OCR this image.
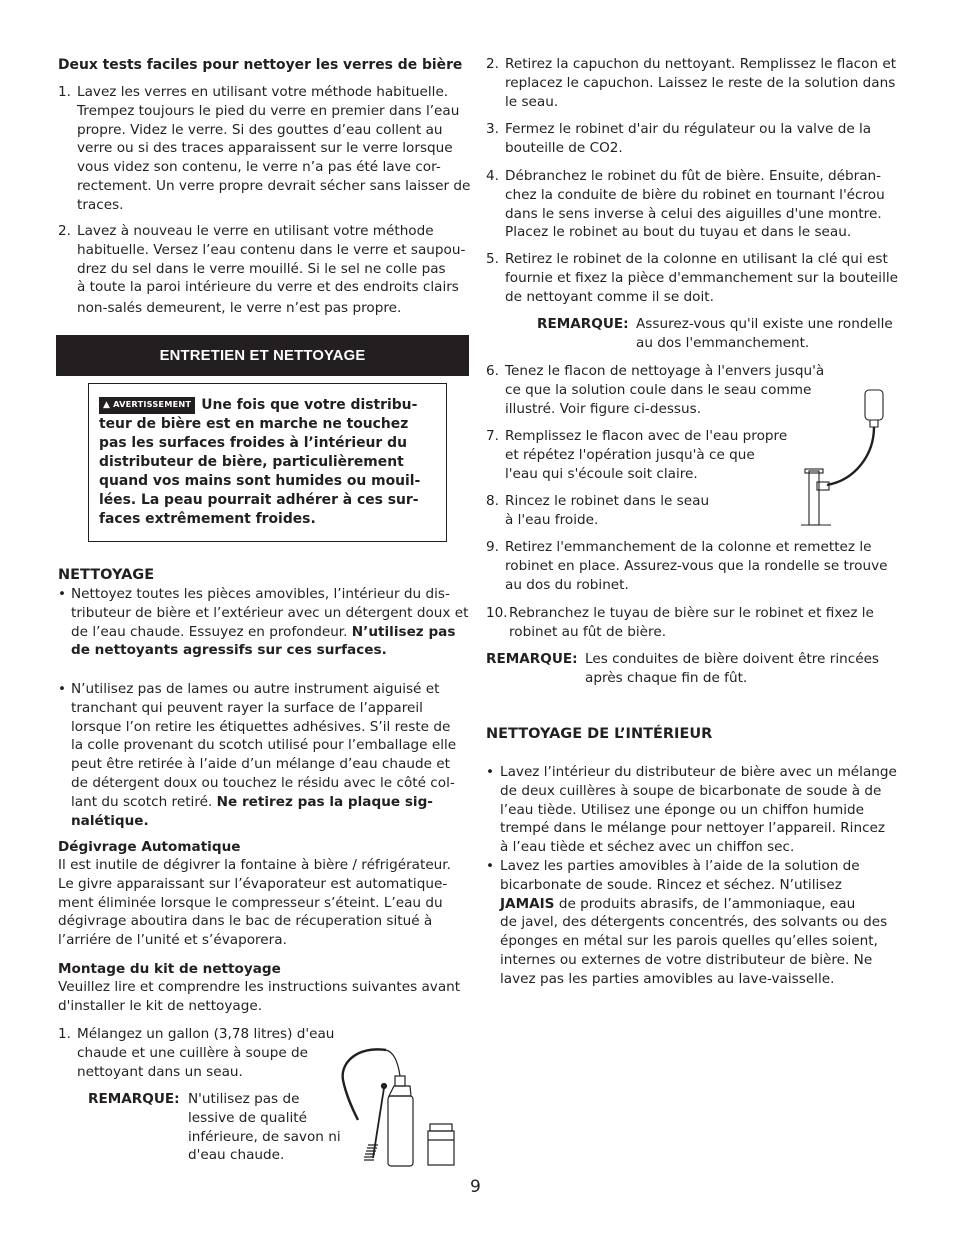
Deux tests faciles pour nettoyer les verres de bière
1. Lavez les verres en utilisant votre méthode habituelle.
Trempez toujours le pied du verre en premier dans l’eau
propre. Videz le verre. Si des gouttes d’eau collent au
verre ou si des traces apparaissent sur le verre lorsque
vous videz son contenu, le verre n’a pas été lave cor-
rectement. Un verre propre devrait sécher sans laisser de
traces.
2. Lavez à nouveau le verre en utilisant votre méthode
habituelle. Versez l’eau contenu dans le verre et saupou-
drez du sel dans le verre mouillé. Si le sel ne colle pas
à toute la paroi intérieure du verre et des endroits clairs
non-salés demeurent, le verre n’est pas propre.
ENTRETIEN ET NETTOYAGE
▲ AVERTISSEMENT Une fois que votre distribu-
teur de bière est en marche ne touchez
pas les surfaces froides à l’intérieur du
distributeur de bière, particulièrement
quand vos mains sont humides ou mouil-
lées. La peau pourrait adhérer à ces sur-
faces extrêmement froides.
NETTOYAGE
• Nettoyez toutes les pièces amovibles, l’intérieur du dis-
tributeur de bière et l’extérieur avec un détergent doux et
de l’eau chaude. Essuyez en profondeur. N’utilisez pas
de nettoyants agressifs sur ces surfaces.
• N’utilisez pas de lames ou autre instrument aiguisé et
tranchant qui peuvent rayer la surface de l’appareil
lorsque l’on retire les étiquettes adhésives. S’il reste de
la colle provenant du scotch utilisé pour l’emballage elle
peut être retirée à l’aide d’un mélange d’eau chaude et
de détergent doux ou touchez le résidu avec le côté col-
lant du scotch retiré. Ne retirez pas la plaque sig-
nalétique.
Dégivrage Automatique
Il est inutile de dégivrer la fontaine à bière / réfrigérateur.
Le givre apparaissant sur l’évaporateur est automatique-
ment éliminée lorsque le compresseur s’éteint. L’eau du
dégivrage aboutira dans le bac de récuperation situé à
l’arriére de l’unité et s’évaporera.
Montage du kit de nettoyage
Veuillez lire et comprendre les instructions suivantes avant
d'installer le kit de nettoyage.
1. Mélangez un gallon (3,78 litres) d'eau
chaude et une cuillère à soupe de
nettoyant dans un seau.
REMARQUE: N'utilisez pas de
lessive de qualité
inférieure, de savon ni
d'eau chaude.
2. Retirez la capuchon du nettoyant. Remplissez le flacon et
replacez le capuchon. Laissez le reste de la solution dans
le seau.
3. Fermez le robinet d'air du régulateur ou la valve de la
bouteille de CO2.
4. Débranchez le robinet du fût de bière. Ensuite, débran-
chez la conduite de bière du robinet en tournant l'écrou
dans le sens inverse à celui des aiguilles d'une montre.
Placez le robinet au bout du tuyau et dans le seau.
5. Retirez le robinet de la colonne en utilisant la clé qui est
fournie et fixez la pièce d'emmanchement sur la bouteille
de nettoyant comme il se doit.
REMARQUE: Assurez-vous qu'il existe une rondelle
au dos l'emmanchement.
6. Tenez le flacon de nettoyage à l'envers jusqu'à
ce que la solution coule dans le seau comme
illustré. Voir figure ci-dessus.
7. Remplissez le flacon avec de l'eau propre
et répétez l'opération jusqu'à ce que
l'eau qui s'écoule soit claire.
8. Rincez le robinet dans le seau
à l'eau froide.
9. Retirez l'emmanchement de la colonne et remettez le
robinet en place. Assurez-vous que la rondelle se trouve
au dos du robinet.
10. Rebranchez le tuyau de bière sur le robinet et fixez le
robinet au fût de bière.
REMARQUE: Les conduites de bière doivent être rincées
après chaque fin de fût.
NETTOYAGE DE L’INTÉRIEUR
• Lavez l’intérieur du distributeur de bière avec un mélange
de deux cuillères à soupe de bicarbonate de soude à de
l’eau tiède. Utilisez une éponge ou un chiffon humide
trempé dans le mélange pour nettoyer l’appareil. Rincez
à l’eau tiède et séchez avec un chiffon sec.
• Lavez les parties amovibles à l’aide de la solution de
bicarbonate de soude. Rincez et séchez. N’utilisez
JAMAIS de produits abrasifs, de l’ammoniaque, eau
de javel, des détergents concentrés, des solvants ou des
éponges en métal sur les parois quelles qu’elles soient,
internes ou externes de votre distributeur de bière. Ne
lavez pas les parties amovibles au lave-vaisselle.
9
